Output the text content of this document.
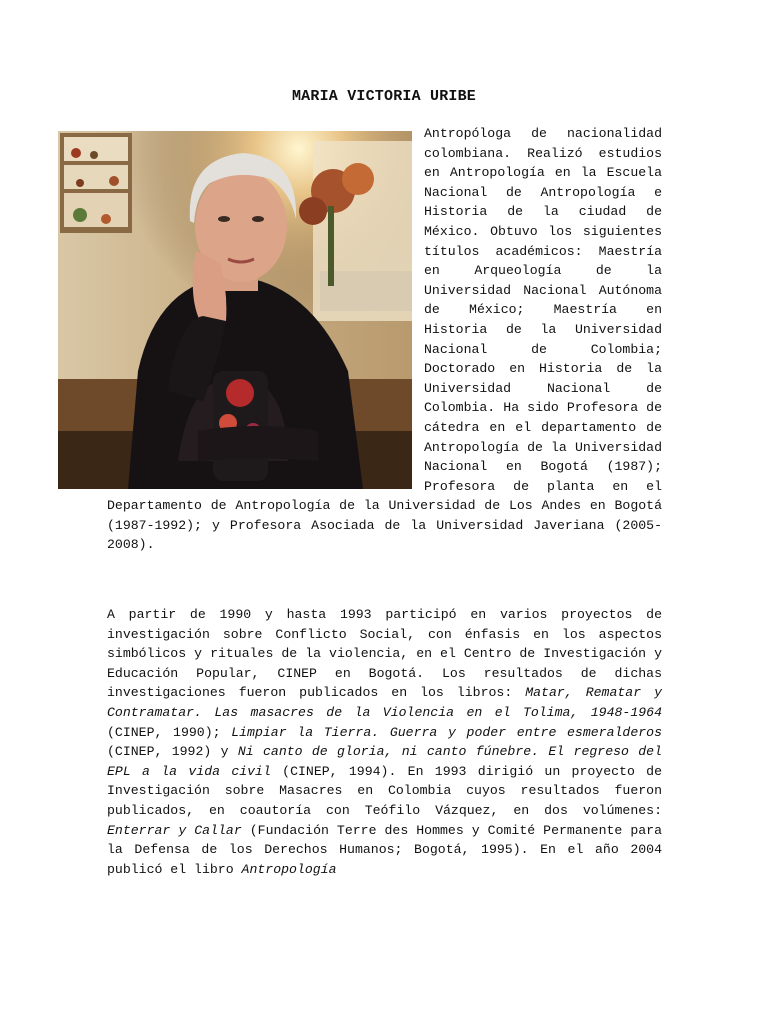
MARIA VICTORIA URIBE

Antropóloga de nacionalidad colombiana. Realizó estudios en Antropología en la Escuela Nacional de Antropología e Historia de la ciudad de México. Obtuvo los siguientes títulos académicos: Maestría en Arqueología de la Universidad Nacional Autónoma de México; Maestría en Historia de la Universidad Nacional de Colombia; Doctorado en Historia de la Universidad Nacional de Colombia. Ha sido Profesora de cátedra en el departamento de Antropología de la Universidad Nacional en Bogotá (1987); Profesora de planta en el Departamento de Antropología de la Universidad de Los Andes en Bogotá (1987-1992); y Profesora Asociada de la Universidad Javeriana (2005-2008).

A partir de 1990 y hasta 1993 participó en varios proyectos de investigación sobre Conflicto Social, con énfasis en los aspectos simbólicos y rituales de la violencia, en el Centro de Investigación y Educación Popular, CINEP en Bogotá. Los resultados de dichas investigaciones fueron publicados en los libros: Matar, Rematar y Contramatar. Las masacres de la Violencia en el Tolima, 1948-1964 (CINEP, 1990); Limpiar la Tierra. Guerra y poder entre esmeralderos (CINEP, 1992) y Ni canto de gloria, ni canto fúnebre. El regreso del EPL a la vida civil (CINEP, 1994). En 1993 dirigió un proyecto de Investigación sobre Masacres en Colombia cuyos resultados fueron publicados, en coautoría con Teófilo Vázquez, en dos volúmenes: Enterrar y Callar (Fundación Terre des Hommes y Comité Permanente para la Defensa de los Derechos Humanos; Bogotá, 1995). En el año 2004 publicó el libro Antropología
